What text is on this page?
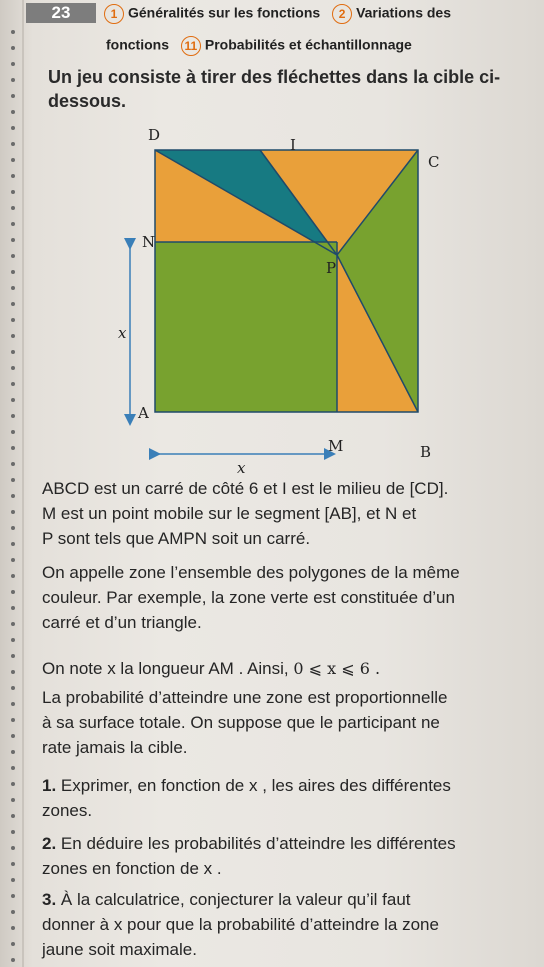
23	1 Généralités sur les fonctions 2 Variations des
fonctions 11 Probabilités et échantillonnage
Un jeu consiste à tirer des fléchettes dans la cible ci-dessous.
D
I
C
N
P
x
A
M	B
x
ABCD est un carré de côté 6 et I est le milieu de [CD].
M est un point mobile sur le segment [AB], et N et
P sont tels que AMPN soit un carré.
On appelle zone l’ensemble des polygones de la même
couleur. Par exemple, la zone verte est constituée d’un
carré et d’un triangle.
On note x la longueur AM . Ainsi, 0 ⩽ x ⩽ 6 .
La probabilité d’atteindre une zone est proportionnelle
à sa surface totale. On suppose que le participant ne
rate jamais la cible.
1. Exprimer, en fonction de x , les aires des différentes
zones.
2. En déduire les probabilités d’atteindre les différentes
zones en fonction de x .
3. À la calculatrice, conjecturer la valeur qu’il faut
donner à x pour que la probabilité d’atteindre la zone
jaune soit maximale.
